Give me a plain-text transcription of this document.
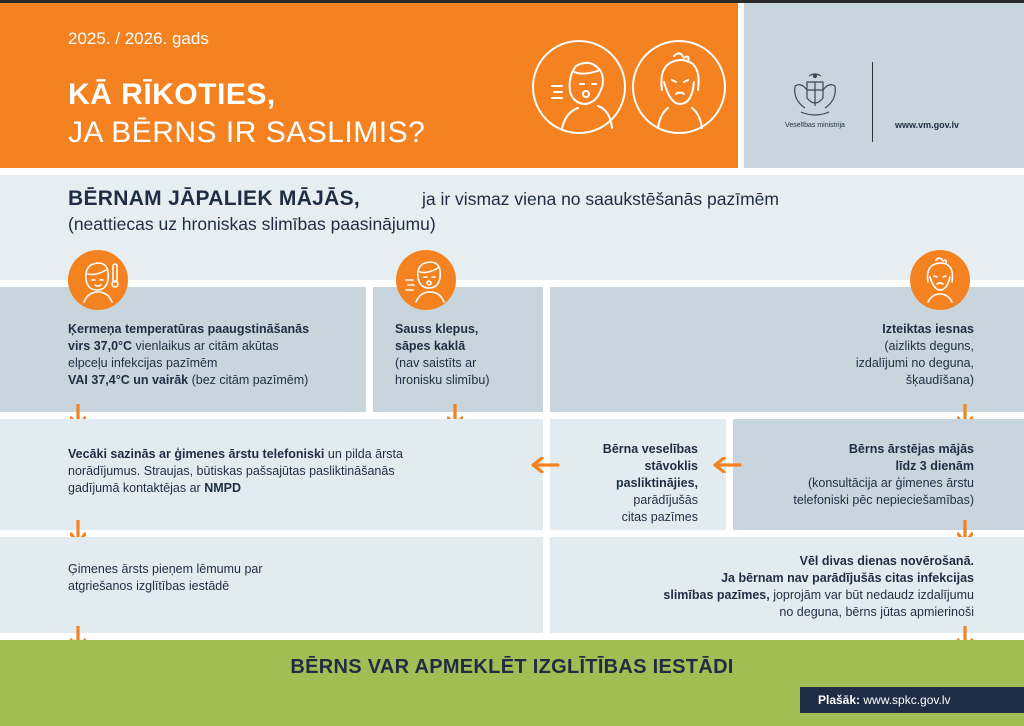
2025. / 2026. gads
KĀ RĪKOTIES,
JA BĒRNS IR SASLIMIS?	Veselības ministrija	www.vm.gov.lv
BĒRNAM JĀPALIEK MĀJĀS,	ja ir vismaz viena no saaukstēšanās pazīmēm
(neattiecas uz hroniskas slimības paasinājumu)
Ķermeņa temperatūras paaugstināšanās
virs 37,0°C vienlaikus ar citām akūtas
elpceļu infekcijas pazīmēm
VAI 37,4°C un vairāk (bez citām pazīmēm)
Sauss klepus,
sāpes kaklā
(nav saistīts ar
hronisku slimību)
Izteiktas iesnas
(aizlikts deguns,
izdalījumi no deguna,
šķaudīšana)
Vecāki sazinās ar ģimenes ārstu telefoniski un pilda ārsta
norādījumus. Straujas, būtiskas pašsajūtas pasliktināšanās
gadījumā kontaktējas ar NMPD
Bērna veselības
stāvoklis
pasliktinājies,
parādījušās
citas pazīmes
Bērns ārstējas mājās
līdz 3 dienām
(konsultācija ar ģimenes ārstu
telefoniski pēc nepieciešamības)
Ģimenes ārsts pieņem lēmumu par
atgriešanos izglītības iestādē
Vēl divas dienas novērošanā.
Ja bērnam nav parādījušās citas infekcijas
slimības pazīmes, joprojām var būt nedaudz izdalījumu
no deguna, bērns jūtas apmierinoši
BĒRNS VAR APMEKLĒT IZGLĪTĪBAS IESTĀDI
Plašāk: www.spkc.gov.lv
